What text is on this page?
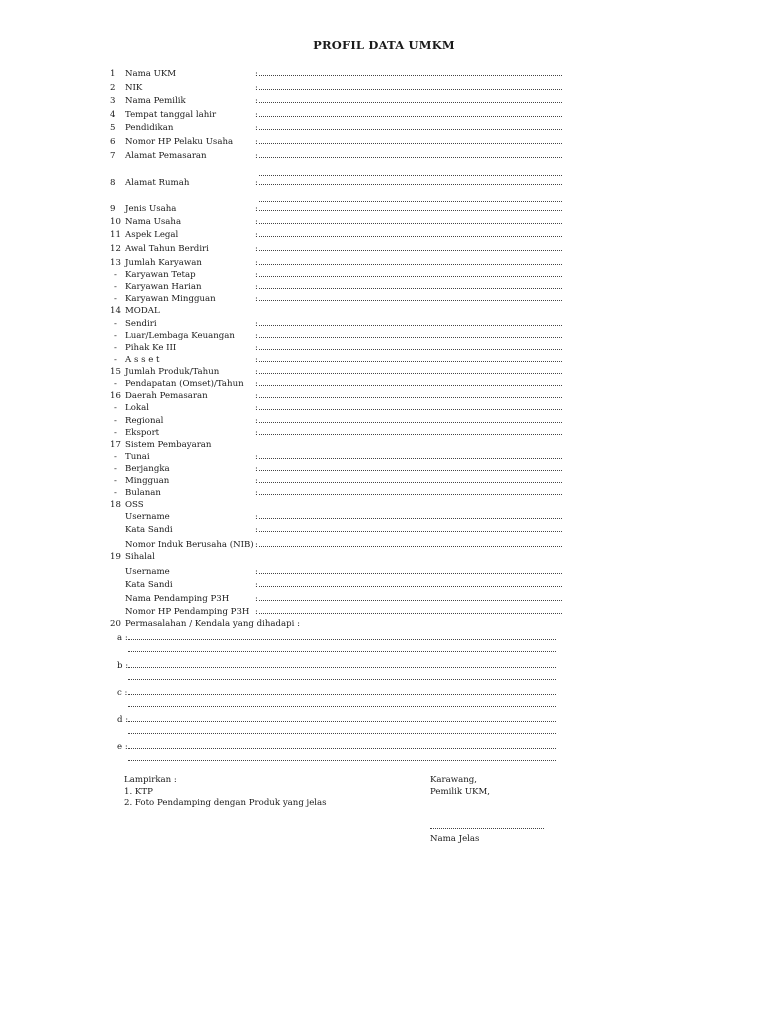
PROFIL DATA UMKM
1	Nama UKM	:
2	NIK	:
3	Nama Pemilik	:
4	Tempat tanggal lahir	:
5	Pendidikan	:
6	Nomor HP Pelaku Usaha	:
7	Alamat Pemasaran	:
8	Alamat Rumah	:
9	Jenis Usaha	:
10 Nama Usaha	:
11 Aspek Legal	:
12 Awal Tahun Berdiri	:
13 Jumlah Karyawan	:
- Karyawan Tetap	:
- Karyawan Harian	:
- Karyawan Mingguan	:
14 MODAL
- Sendiri	:
- Luar/Lembaga Keuangan :
- Pihak Ke III	:
- A s s e t	:
15 Jumlah Produk/Tahun	:
- Pendapatan (Omset)/Tahun :
16 Daerah Pemasaran	:
- Lokal	:
- Regional	:
- Eksport	:
17 Sistem Pembayaran
- Tunai	:
- Berjangka	:
- Mingguan	:
- Bulanan	:
18 OSS
Username	:
Kata Sandi	:
Nomor Induk Berusaha (NIB) :
19 Sihalal
Username	:
Kata Sandi	:
Nama Pendamping P3H	:
Nomor HP Pendamping P3H :
20 Permasalahan / Kendala yang dihadapi :
a :
b :
c :
d :
e :
Lampirkan :
1. KTP
2. Foto Pendamping dengan Produk yang jelas
Karawang,
Pemilik UKM,
Nama Jelas
